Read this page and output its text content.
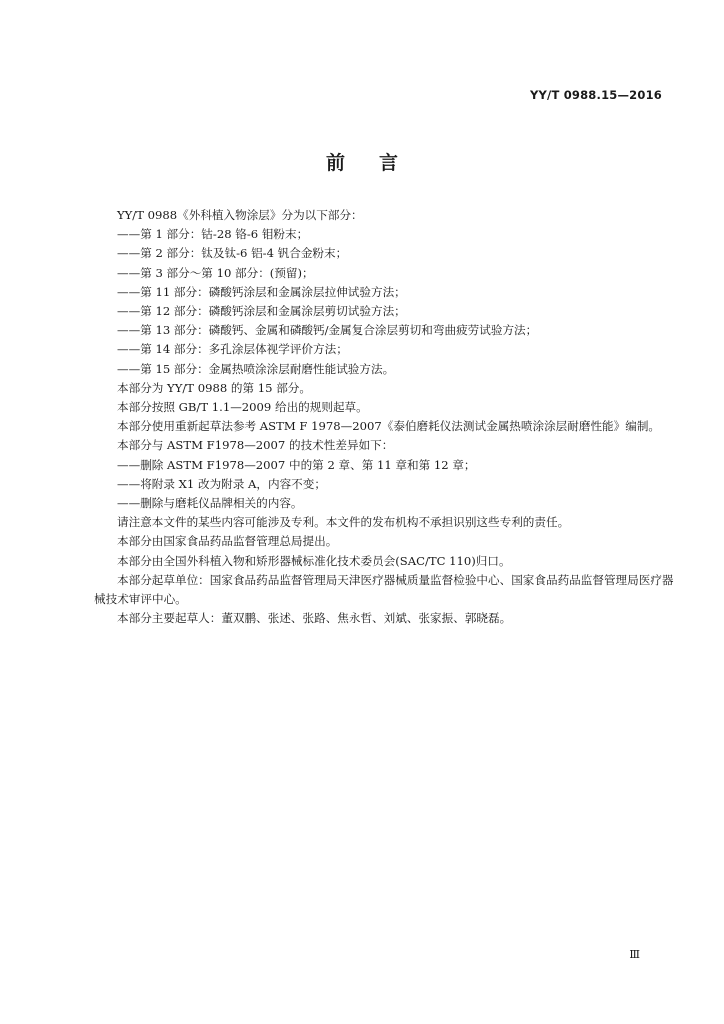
YY/T 0988.15—2016
前言

YY/T 0988《外科植入物涂层》分为以下部分：

——第 1 部分：钴-28 铬-6 钼粉末；

——第 2 部分：钛及钛-6 铝-4 钒合金粉末；

——第 3 部分～第 10 部分：(预留)；

——第 11 部分：磷酸钙涂层和金属涂层拉伸试验方法；

——第 12 部分：磷酸钙涂层和金属涂层剪切试验方法；

——第 13 部分：磷酸钙、金属和磷酸钙/金属复合涂层剪切和弯曲疲劳试验方法；

——第 14 部分：多孔涂层体视学评价方法；

——第 15 部分：金属热喷涂涂层耐磨性能试验方法。

本部分为 YY/T 0988 的第 15 部分。

本部分按照 GB/T 1.1—2009 给出的规则起草。

本部分使用重新起草法参考 ASTM F 1978—2007《泰伯磨耗仪法测试金属热喷涂涂层耐磨性能》编制。

本部分与 ASTM F1978—2007 的技术性差异如下：

——删除 ASTM F1978—2007 中的第 2 章、第 11 章和第 12 章；

——将附录 X1 改为附录 A，内容不变；

——删除与磨耗仪品牌相关的内容。

请注意本文件的某些内容可能涉及专利。本文件的发布机构不承担识别这些专利的责任。

本部分由国家食品药品监督管理总局提出。

本部分由全国外科植入物和矫形器械标准化技术委员会(SAC/TC 110)归口。

本部分起草单位：国家食品药品监督管理局天津医疗器械质量监督检验中心、国家食品药品监督管理局医疗器械技术审评中心。

本部分主要起草人：董双鹏、张述、张路、焦永哲、刘斌、张家振、郭晓磊。

Ⅲ
